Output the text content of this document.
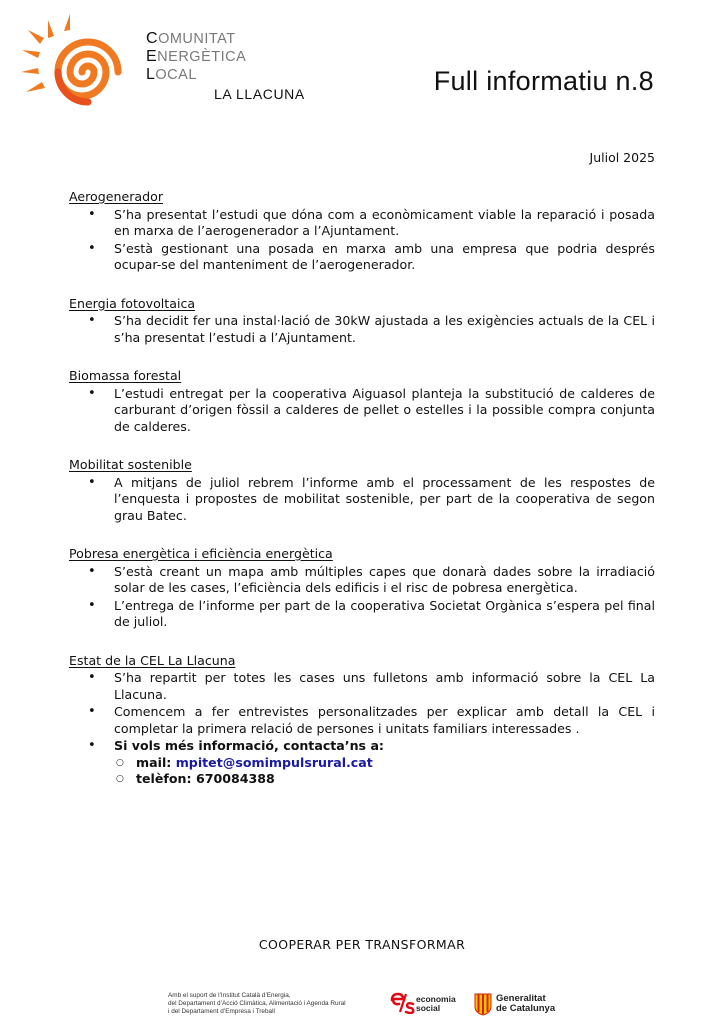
COMUNITAT
ENERGÈTICA
LOCAL
LA LLACUNA	Full informatiu n.8
Juliol 2025
Aerogenerador
• S’ha presentat l’estudi que dóna com a econòmicament viable la reparació i posada en marxa de l’aerogenerador a l’Ajuntament.
• S’està gestionant una posada en marxa amb una empresa que podria després ocupar-se del manteniment de l’aerogenerador.
Energia fotovoltaica
• S’ha decidit fer una instal·lació de 30kW ajustada a les exigències actuals de la CEL i s’ha presentat l’estudi a l’Ajuntament.
Biomassa forestal
• L’estudi entregat per la cooperativa Aiguasol planteja la substitució de calderes de carburant d’origen fòssil a calderes de pellet o estelles i la possible compra conjunta de calderes.
Mobilitat sostenible
• A mitjans de juliol rebrem l’informe amb el processament de les respostes de l’enquesta i propostes de mobilitat sostenible, per part de la cooperativa de segon grau Batec.
Pobresa energètica i eficiència energètica
• S’està creant un mapa amb múltiples capes que donarà dades sobre la irradiació solar de les cases, l’eficiència dels edificis i el risc de pobresa energètica.
• L’entrega de l’informe per part de la cooperativa Societat Orgànica s’espera pel final de juliol.
Estat de la CEL La Llacuna
• S’ha repartit per totes les cases uns fulletons amb informació sobre la CEL La Llacuna.
• Comencem a fer entrevistes personalitzades per explicar amb detall la CEL i completar la primera relació de persones i unitats familiars interessades .
• Si vols més informació, contacta’ns a:
○ mail: mpitet@somimpulsrural.cat
○ telèfon: 670084388
COOPERAR PER TRANSFORMAR
Amb el suport de l’Institut Català d’Energia,
del Departament d’Acció Climàtica, Alimentació i Agenda Rural
i del Departament d’Empresa i Treball
economia
social
Generalitat
de Catalunya
